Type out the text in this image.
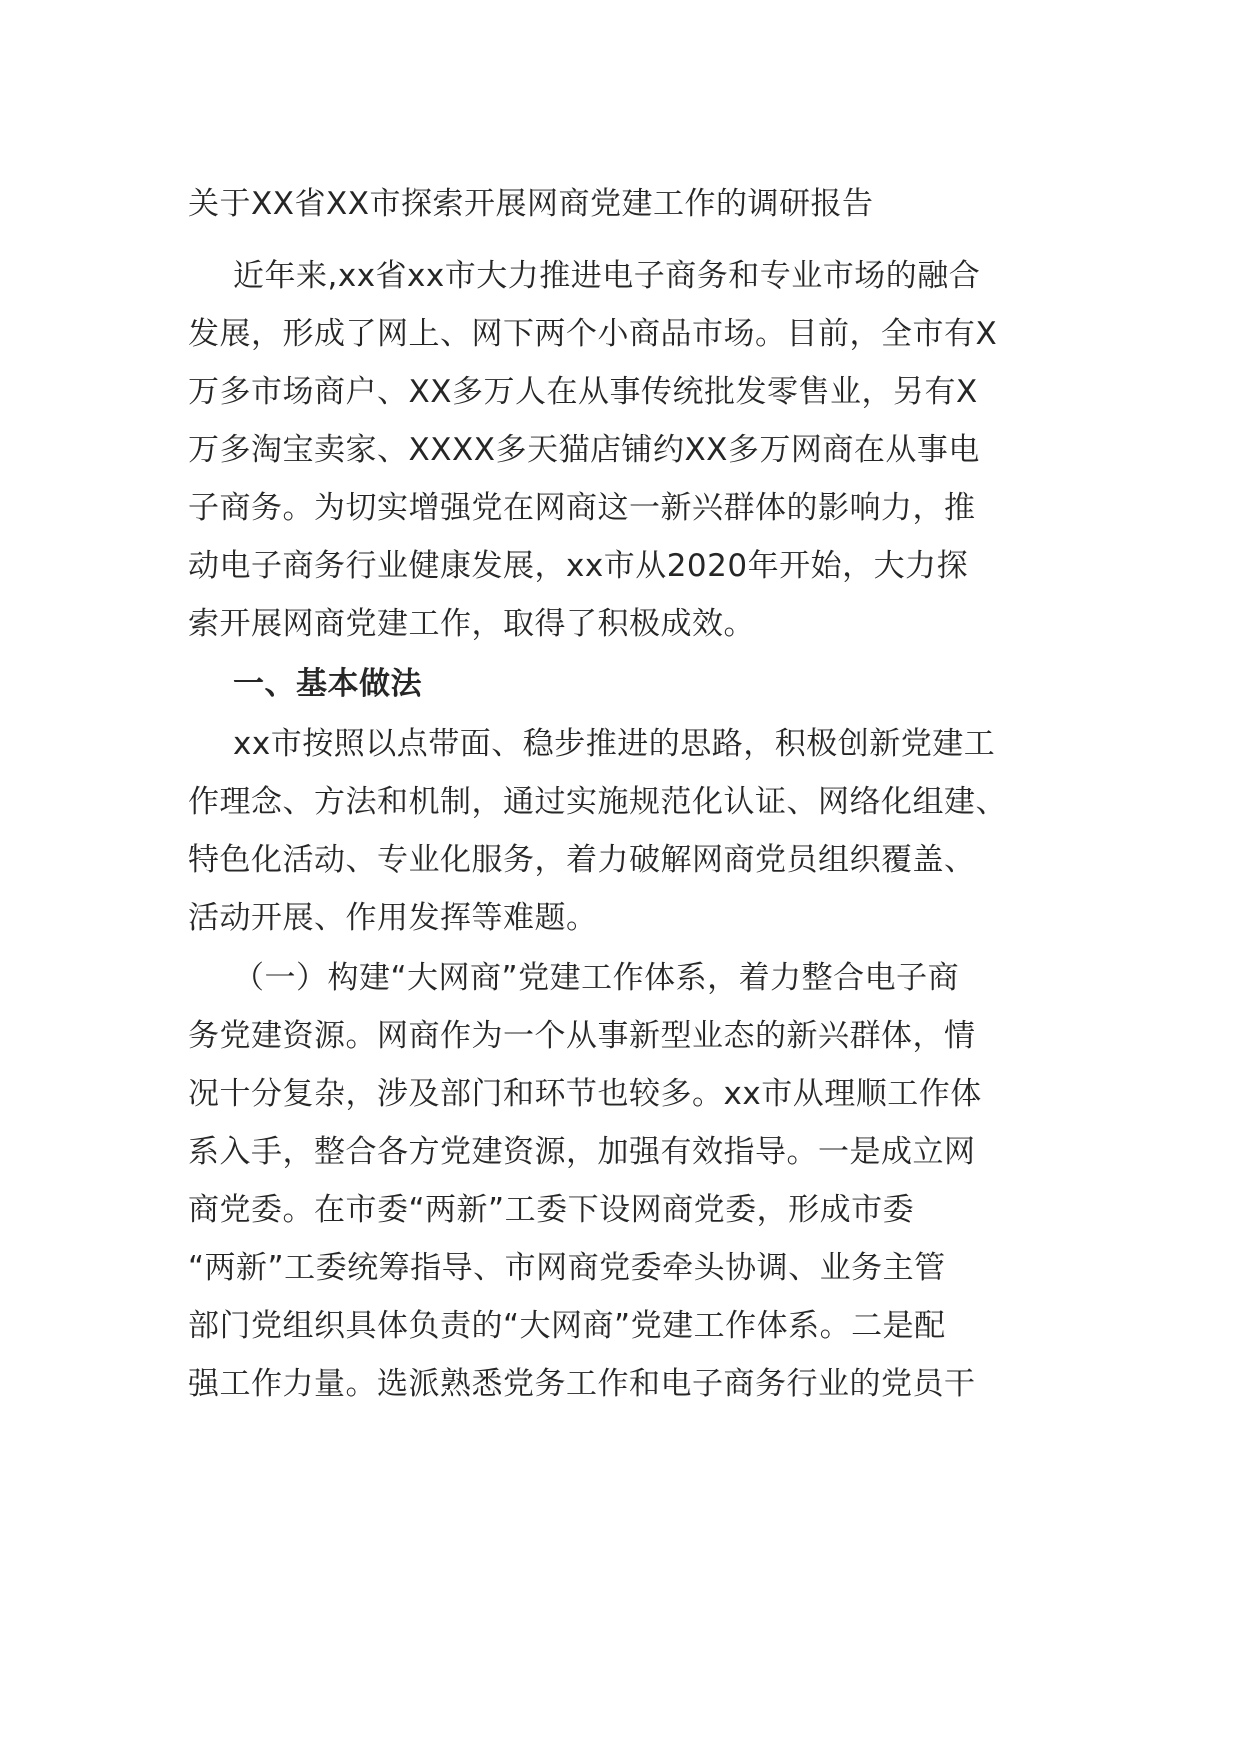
关于XX省XX市探索开展网商党建工作的调研报告
近年来,xx省xx市大力推进电子商务和专业市场的融合
发展，形成了网上、网下两个小商品市场。目前，全市有X
万多市场商户、XX多万人在从事传统批发零售业，另有X
万多淘宝卖家、XXXX多天猫店铺约XX多万网商在从事电
子商务。为切实增强党在网商这一新兴群体的影响力，推
动电子商务行业健康发展，xx市从2020年开始，大力探
索开展网商党建工作，取得了积极成效。
一、基本做法
xx市按照以点带面、稳步推进的思路，积极创新党建工
作理念、方法和机制，通过实施规范化认证、网络化组建、
特色化活动、专业化服务，着力破解网商党员组织覆盖、
活动开展、作用发挥等难题。
（一）构建“大网商”党建工作体系，着力整合电子商
务党建资源。网商作为一个从事新型业态的新兴群体，情
况十分复杂，涉及部门和环节也较多。xx市从理顺工作体
系入手，整合各方党建资源，加强有效指导。一是成立网
商党委。在市委“两新”工委下设网商党委，形成市委
“两新”工委统筹指导、市网商党委牵头协调、业务主管
部门党组织具体负责的“大网商”党建工作体系。二是配
强工作力量。选派熟悉党务工作和电子商务行业的党员干
